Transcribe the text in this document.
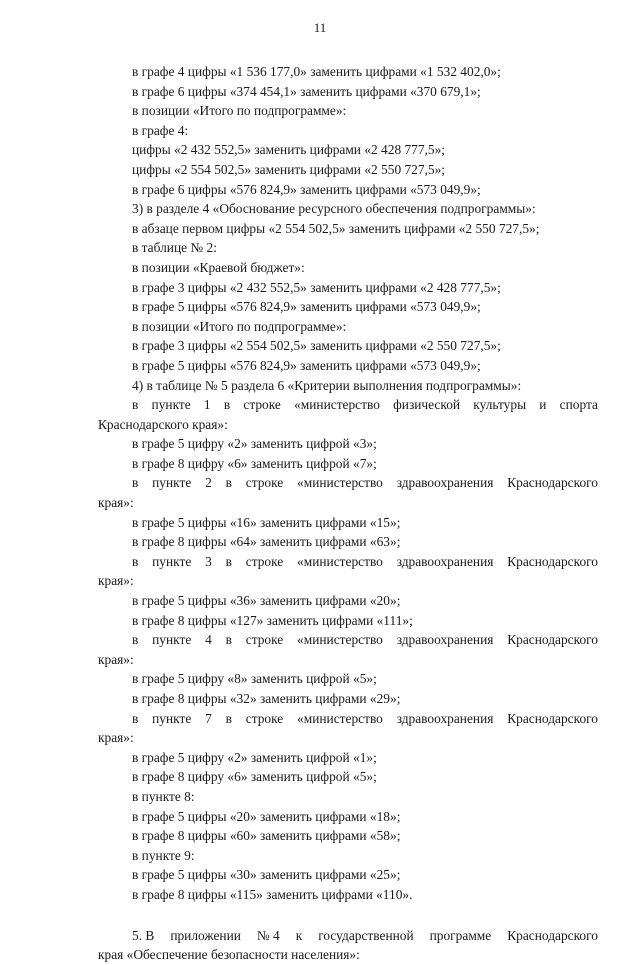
11
в графе 4 цифры «1 536 177,0» заменить цифрами «1 532 402,0»;
в графе 6 цифры «374 454,1» заменить цифрами «370 679,1»;
в позиции «Итого по подпрограмме»:
в графе 4:
цифры «2 432 552,5» заменить цифрами «2 428 777,5»;
цифры «2 554 502,5» заменить цифрами «2 550 727,5»;
в графе 6 цифры «576 824,9» заменить цифрами «573 049,9»;
3) в разделе 4 «Обоснование ресурсного обеспечения подпрограммы»:
в абзаце первом цифры «2 554 502,5» заменить цифрами «2 550 727,5»;
в таблице № 2:
в позиции «Краевой бюджет»:
в графе 3 цифры «2 432 552,5» заменить цифрами «2 428 777,5»;
в графе 5 цифры «576 824,9» заменить цифрами «573 049,9»;
в позиции «Итого по подпрограмме»:
в графе 3 цифры «2 554 502,5» заменить цифрами «2 550 727,5»;
в графе 5 цифры «576 824,9» заменить цифрами «573 049,9»;
4) в таблице № 5 раздела 6 «Критерии выполнения подпрограммы»:
в пункте 1 в строке «министерство физической культуры и спорта
Краснодарского края»:
в графе 5 цифру «2» заменить цифрой «3»;
в графе 8 цифру «6» заменить цифрой «7»;
в пункте 2 в строке «министерство здравоохранения Краснодарского
края»:
в графе 5 цифры «16» заменить цифрами «15»;
в графе 8 цифры «64» заменить цифрами «63»;
в пункте 3 в строке «министерство здравоохранения Краснодарского
края»:
в графе 5 цифры «36» заменить цифрами «20»;
в графе 8 цифры «127» заменить цифрами «111»;
в пункте 4 в строке «министерство здравоохранения Краснодарского
края»:
в графе 5 цифру «8» заменить цифрой «5»;
в графе 8 цифры «32» заменить цифрами «29»;
в пункте 7 в строке «министерство здравоохранения Краснодарского
края»:
в графе 5 цифру «2» заменить цифрой «1»;
в графе 8 цифру «6» заменить цифрой «5»;
в пункте 8:
в графе 5 цифры «20» заменить цифрами «18»;
в графе 8 цифры «60» заменить цифрами «58»;
в пункте 9:
в графе 5 цифры «30» заменить цифрами «25»;
в графе 8 цифры «115» заменить цифрами «110».
5. В приложении № 4 к государственной программе Краснодарского
края «Обеспечение безопасности населения»:
